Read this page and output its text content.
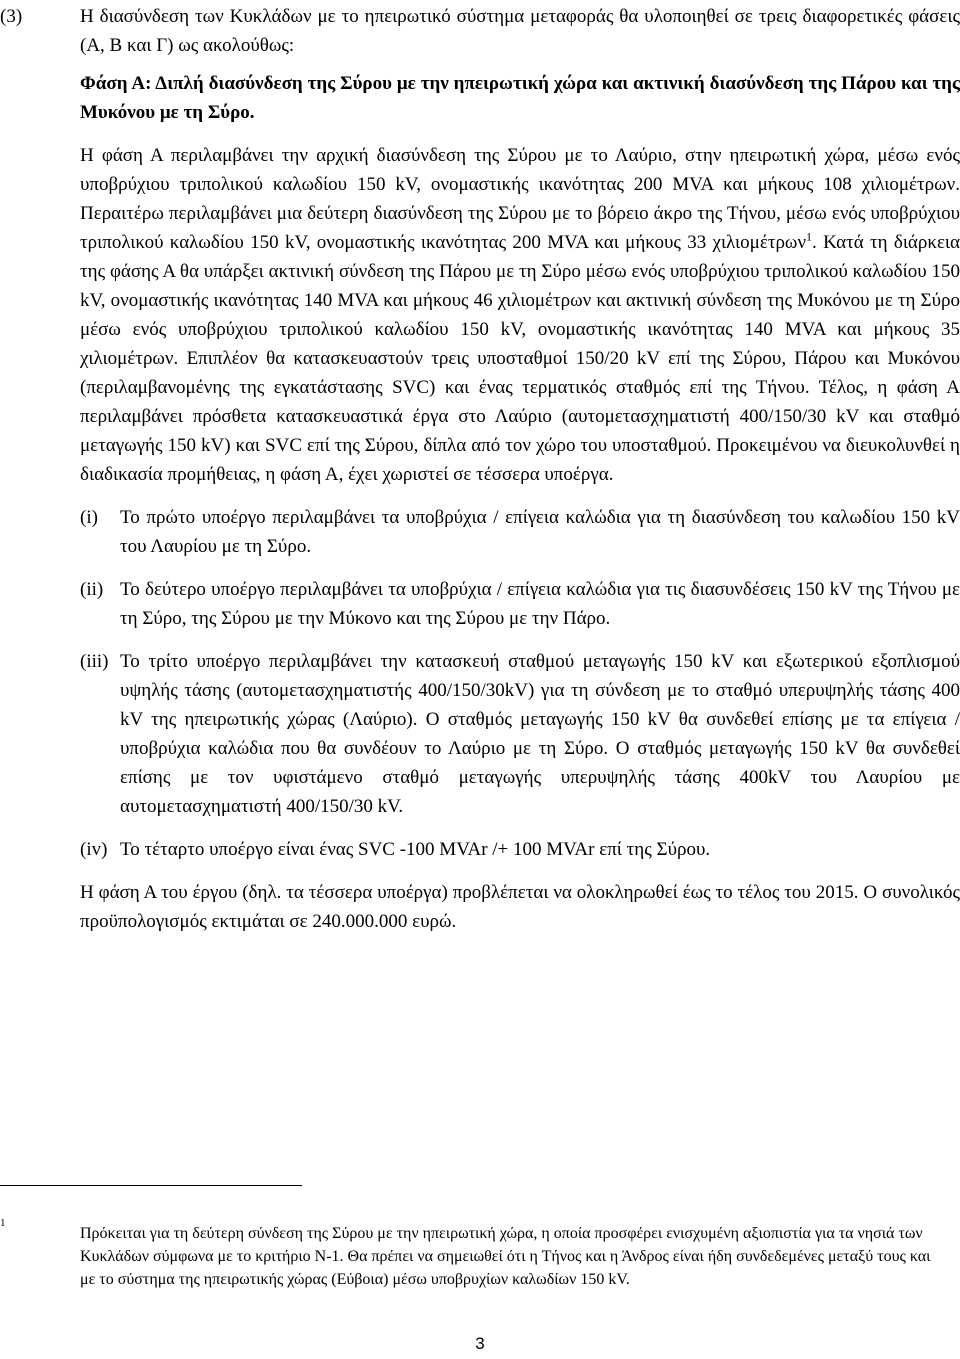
(3)	Η διασύνδεση των Κυκλάδων με το ηπειρωτικό σύστημα μεταφοράς θα υλοποιηθεί σε τρεις διαφορετικές φάσεις (Α, Β και Γ) ως ακολούθως:

Φάση Α: Διπλή διασύνδεση της Σύρου με την ηπειρωτική χώρα και ακτινική διασύνδεση της Πάρου και της Μυκόνου με τη Σύρο.

Η φάση Α περιλαμβάνει την αρχική διασύνδεση της Σύρου με το Λαύριο, στην ηπειρωτική χώρα, μέσω ενός υποβρύχιου τριπολικού καλωδίου 150 kV, ονομαστικής ικανότητας 200 MVA και μήκους 108 χιλιομέτρων. Περαιτέρω περιλαμβάνει μια δεύτερη διασύνδεση της Σύρου με το βόρειο άκρο της Τήνου, μέσω ενός υποβρύχιου τριπολικού καλωδίου 150 kV, ονομαστικής ικανότητας 200 MVA και μήκους 33 χιλιομέτρων$^1$. Κατά τη διάρκεια της φάσης Α θα υπάρξει ακτινική σύνδεση της Πάρου με τη Σύρο μέσω ενός υποβρύχιου τριπολικού καλωδίου 150 kV, ονομαστικής ικανότητας 140 MVA και μήκους 46 χιλιομέτρων και ακτινική σύνδεση της Μυκόνου με τη Σύρο μέσω ενός υποβρύχιου τριπολικού καλωδίου 150 kV, ονομαστικής ικανότητας 140 MVA και μήκους 35 χιλιομέτρων. Επιπλέον θα κατασκευαστούν τρεις υποσταθμοί 150/20 kV επί της Σύρου, Πάρου και Μυκόνου (περιλαμβανομένης της εγκατάστασης SVC) και ένας τερματικός σταθμός επί της Τήνου. Τέλος, η φάση Α περιλαμβάνει πρόσθετα κατασκευαστικά έργα στο Λαύριο (αυτομετασχηματιστή 400/150/30 kV και σταθμό μεταγωγής 150 kV) και SVC επί της Σύρου, δίπλα από τον χώρο του υποσταθμού. Προκειμένου να διευκολυνθεί η διαδικασία προμήθειας, η φάση Α, έχει χωριστεί σε τέσσερα υποέργα.

(i) Το πρώτο υποέργο περιλαμβάνει τα υποβρύχια / επίγεια καλώδια για τη διασύνδεση του καλωδίου 150 kV του Λαυρίου με τη Σύρο.
(ii) Το δεύτερο υποέργο περιλαμβάνει τα υποβρύχια / επίγεια καλώδια για τις διασυνδέσεις 150 kV της Τήνου με τη Σύρο, της Σύρου με την Μύκονο και της Σύρου με την Πάρο.
(iii) Το τρίτο υποέργο περιλαμβάνει την κατασκευή σταθμού μεταγωγής 150 kV και εξωτερικού εξοπλισμού υψηλής τάσης (αυτομετασχηματιστής 400/150/30kV) για τη σύνδεση με το σταθμό υπερυψηλής τάσης 400 kV της ηπειρωτικής χώρας (Λαύριο). Ο σταθμός μεταγωγής 150 kV θα συνδεθεί επίσης με τα επίγεια / υποβρύχια καλώδια που θα συνδέουν το Λαύριο με τη Σύρο. Ο σταθμός μεταγωγής 150 kV θα συνδεθεί επίσης με τον υφιστάμενο σταθμό μεταγωγής υπερυψηλής τάσης 400kV του Λαυρίου με αυτομετασχηματιστή 400/150/30 kV.
(iv) Το τέταρτο υποέργο είναι ένας SVC -100 MVAr /+ 100 MVAr επί της Σύρου.

Η φάση Α του έργου (δηλ. τα τέσσερα υποέργα) προβλέπεται να ολοκληρωθεί έως το τέλος του 2015. Ο συνολικός προϋπολογισμός εκτιμάται σε 240.000.000 ευρώ.

1
Πρόκειται για τη δεύτερη σύνδεση της Σύρου με την ηπειρωτική χώρα, η οποία προσφέρει ενισχυμένη αξιοπιστία για τα νησιά των Κυκλάδων σύμφωνα με το κριτήριο Ν-1. Θα πρέπει να σημειωθεί ότι η Τήνος και η Άνδρος είναι ήδη συνδεδεμένες μεταξύ τους και με το σύστημα της ηπειρωτικής χώρας (Εύβοια) μέσω υποβρυχίων καλωδίων 150 kV.
3
